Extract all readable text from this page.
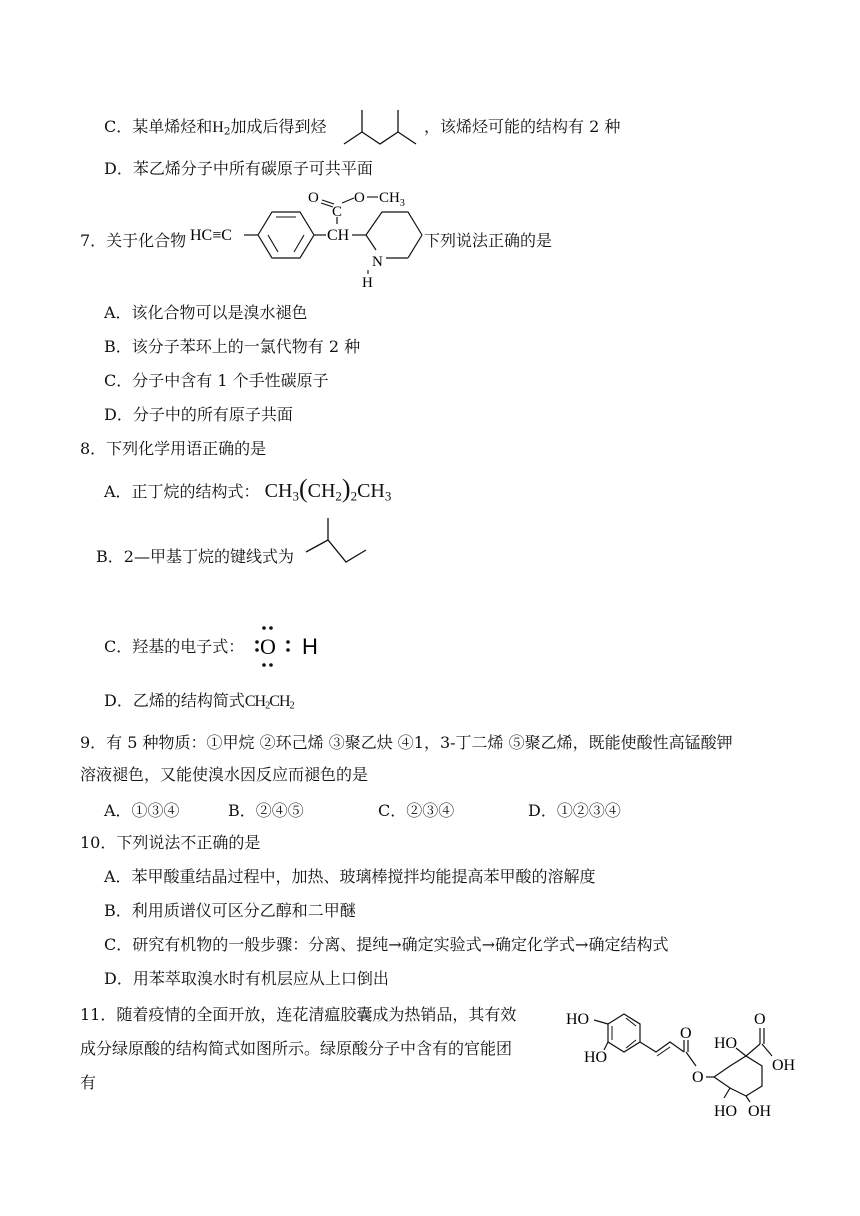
C．某单烯烃和$H_2$加成后得到烃	，该烯烃可能的结构有 2 种
D．苯乙烯分子中所有碳原子可共平面
7．关于化合物 HC≡C	CH
C
O O $CH_3$
N
H
下列说法正确的是
A．该化合物可以是溴水褪色
B．该分子苯环上的一氯代物有 2 种
C．分子中含有 1 个手性碳原子
D．分子中的所有原子共面
8．下列化学用语正确的是
A．正丁烷的结构式： $CH_3(CH_2)_2CH_3$
B．2—甲基丁烷的键线式为
C．羟基的电子式： O H
D．乙烯的结构简式$CH_2CH_2$
9．有 5 种物质：①甲烷 ②环己烯 ③聚乙炔 ④1，3-丁二烯 ⑤聚乙烯，既能使酸性高锰酸钾
溶液褪色，又能使溴水因反应而褪色的是
A．①③④	B．②④⑤	C．②③④	D．①②③④
10．下列说法不正确的是
A．苯甲酸重结晶过程中，加热、玻璃棒搅拌均能提高苯甲酸的溶解度
B．利用质谱仪可区分乙醇和二甲醚
C．研究有机物的一般步骤：分离、提纯→确定实验式→确定化学式→确定结构式
D．用苯萃取溴水时有机层应从上口倒出
11．随着疫情的全面开放，连花清瘟胶囊成为热销品，其有效
成分绿原酸的结构简式如图所示。绿原酸分子中含有的官能团
有
HO
HO
O
O
HO
O
OH
HO OH
